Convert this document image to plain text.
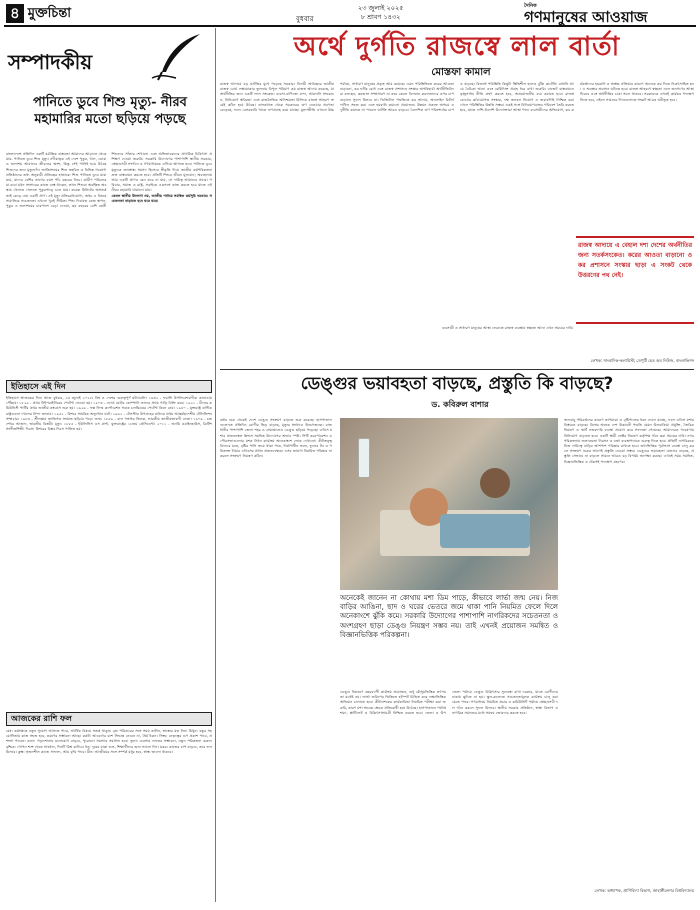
৪ মুক্তচিন্তা	বুধবার
২৩ জুলাই ২০২৫
৮ শ্রাবণ ১৪৩২
দৈনিক
গণমানুষের আওয়াজ
সম্পাদকীয়
পানিতে ডুবে শিশু মৃত্যু- নীরব মহামারির মতো ছড়িয়ে পড়ছে

বাংলাদেশে প্রতিদিন একটি মর্মান্তিক বাস্তবতা আমাদের আড়ালে থেকে যায়- পানিতে ডুবে শিশু মৃত্যু। নদীমাতৃক এই দেশে পুকুর, খাল, ডোবা ও জলাশয় আমাদের জীবনের অংশ, কিন্তু সেই পানিই হয়ে উঠছে শিশুদের জন্য মৃত্যুফাঁদ। জাতিসংঘের শিশু তহবিল ও বিভিন্ন গবেষণা প্রতিষ্ঠানের তথ্য অনুযায়ী প্রতিবছর হাজারো শিশু পানিতে ডুবে মারা যায়, যাদের বেশির ভাগের বয়স পাঁচ বছরের নিচে। গ্রামীণ পরিবারে মা-বাবা যখন সংসারের কাজে ব্যস্ত থাকেন, তখন শিশুরা অরক্ষিত অবস্থায় খেলতে খেলতে পুকুরপাড়ে চলে যায়। কয়েক মিনিটের অসতর্কতাই কেড়ে নেয় একটি প্রাণ। এই মৃত্যু প্রতিরোধযোগ্য, অথচ এ বিষয়ে সামাজিক সচেতনতা এখনো খুবই সীমিত। শিশু দিবাযত্ন কেন্দ্র স্থাপন, পুকুর ও জলাশয়ের চারপাশে বেড়া দেওয়া, ছয় বছরের বেশি বয়সী শিশুদের সাঁতার শেখানো এবং অভিভাবকদের প্রাথমিক চিকিৎসা প্রশিক্ষণ দেওয়া জরুরি। সরকারি উদ্যোগের পাশাপাশি স্থানীয় সরকার, স্বেচ্ছাসেবী সংগঠন ও গণমাধ্যমকে এগিয়ে আসতে হবে। পানিতে ডুবে মৃত্যুকে জনস্বাস্থ্য সমস্যা হিসেবে স্বীকৃতি দিয়ে জাতীয় কর্মপরিকল্পনা দ্রুত বাস্তবায়ন করতে হবে। প্রতিটি শিশুর জীবন মূল্যবান; অবহেলায় আর একটি প্রাণও যেন ঝরে না যায়, সে দায়িত্ব আমাদের সবার। পরিবার, সমাজ ও রাষ্ট্র- সবাইকে একসঙ্গে কাজ করতে হবে যাতে এই নীরব মহামারি থামানো যায়।

কেবল স্থানীয় উদ্যোগ নয়, জাতীয় পর্যায়ে সমন্বিত কর্মসূচি দরকার। সচেতনতা বাড়াতে হবে ঘরে ঘরে।

ইতিহাসে এই দিন
ইতিহাসে আজকের দিন। আজ বুধবার, ২৩ জুলাই ২০২৫। বিশ্ব ও দেশের গুরুত্বপূর্ণ ঘটনাবলি। ১৬৩২ - ফরাসি উপনিবেশবাদীরা কানাডায় পৌঁছায়। ১৮২৯ - প্রথম টাইপরাইটারের পেটেন্ট নেওয়া হয়। ১৯০৩ - ফোর্ড মোটর কোম্পানি তাদের প্রথম গাড়ি বিক্রি করে। ১৯২১ - চীনের কমিউনিস্ট পার্টির প্রথম জাতীয় কংগ্রেস শুরু হয়। ১৯২৬ - ফক্স ফিল্ম কর্পোরেশন সবাক চলচ্চিত্রের পেটেন্ট কিনে নেয়। ১৯৪০ - যুক্তরাষ্ট্র বাল্টিক রাষ্ট্রগুলো দখলের নিন্দা জানায়। ১৯৫২ - মিশরে সামরিক অভ্যুত্থান ঘটে। ১৯৬২ - টেলস্টার উপগ্রহের মাধ্যমে প্রথম আন্তর্মহাদেশীয় টেলিভিশন সম্প্রচার। ১৯৮৩ - শ্রীলঙ্কায় জাতিগত সংঘাত ছড়িয়ে পড়ে। জন্ম: ১৮৫৬ - বাল গঙ্গাধর তিলক, ভারতীয় জাতীয়তাবাদী নেতা। ১৯০৬ - চন্দ্রশেখর আজাদ, ভারতীয় বিপ্লবী। মৃত্যু: ১৮৮৫ - ইউলিসিস এস গ্রান্ট, যুক্তরাষ্ট্রের ১৮তম প্রেসিডেন্ট। ২০১১ - অ্যামি ওয়াইনহাউস, ব্রিটিশ সংগীতশিল্পী। দিবস: মিশরের বিপ্লব দিবস পালিত হয়।
আজকের রাশি ফল
মেষ: কর্মক্ষেত্রে নতুন সুযোগ আসতে পারে, আর্থিক বিষয়ে সতর্ক থাকুন। বৃষ: পরিবারের সঙ্গে সময় কাটান, স্বাস্থ্যের যত্ন নিন। মিথুন: বন্ধুর সহযোগিতায় কাজ সহজ হবে, ভ্রমণের সম্ভাবনা আছে। কর্কট: আবেগের বশে সিদ্ধান্ত নেবেন না, ধৈর্য ধরুন। সিংহ: নেতৃত্বের গুণ প্রকাশ পাবে, প্রশংসা পাবেন। কন্যা: পড়াশোনায় মনোযোগ বাড়বে, পুরোনো সমস্যার সমাধান হবে। তুলা: ব্যবসায় লাভের সম্ভাবনা, নতুন পরিকল্পনা করুন। বৃশ্চিক: গোপন শত্রু থেকে সাবধান, দিনটি মিশ্র কাটবে। ধনু: দূরের যাত্রা শুভ, শিক্ষার্থীদের জন্য ভালো দিন। মকর: কাজের চাপ বাড়বে, তবে ফল মিলবে। কুম্ভ: সৃজনশীল কাজে সাফল্য, আয় বৃদ্ধি পাবে। মীন: আত্মীয়ের সঙ্গে সম্পর্ক মধুর হবে, স্বাস্থ্য ভালো থাকবে।
অর্থে দুর্গতি রাজস্বে লাল বার্তা
মোস্তফা কামাল
রাজস্ব আদায়ে বড় ঘাটতির মুখে পড়েছে সরকার। বিদায়ী অর্থবছরে জাতীয় রাজস্ব বোর্ড লক্ষ্যমাত্রার তুলনায় বিপুল পরিমাণ কম রাজস্ব আদায় করেছে, যা অর্থনীতির জন্য একটি লাল সংকেত। ব্যবসা-বাণিজ্যে মন্দা, আমদানি সংকোচন, বিনিয়োগ স্থবিরতা এবং রাজনৈতিক অনিশ্চয়তা মিলিয়ে রাজস্ব আহরণ ক্রমেই কঠিন হয়ে উঠছে। ব্যাংকখাত থেকে সরকারের ঋণ নেওয়ার প্রবণতা বেড়েছে, ফলে বেসরকারি খাতে ঋণপ্রবাহ কমে যাচ্ছে। মূল্যস্ফীতি এখনো উচ্চপর্যায়ে, সাধারণ মানুষের প্রকৃত আয় কমেছে। এমন পরিস্থিতিতে করের আওতা বাড়ানো, কর ফাঁকি রোধ এবং রাজস্ব প্রশাসনে সংস্কার অপরিহার্য। অর্থনীতিবিদরা বলছেন, করজাল সম্প্রসারণ না করে কেবল বিদ্যমান করদাতাদের ওপর চাপ বাড়ালে সুফল মিলবে না। ডিজিটাল পদ্ধতিতে কর আদায়, অনলাইন রিটার্ন দাখিল সহজ করা এবং হয়রানি কমানো প্রয়োজন। উন্নয়ন প্রকল্পে অপচয় ও দুর্নীতি কমাতে না পারলে ঘাটতি আরও বাড়বে। বৈদেশিক ঋণ পরিশোধের চাপও বাড়ছে। রিজার্ভ পরিস্থিতি কিছুটা স্থিতিশীল হলেও ঝুঁকি কাটেনি। রপ্তানি আয়ে বৈচিত্র্য আনা এবং রেমিট্যান্স প্রবাহ ধরে রাখা জরুরি। বাজেট বাস্তবায়নে কৃচ্ছ্রসাধন নীতি গ্রহণ করতে হবে, অপ্রয়োজনীয় ব্যয় কমাতে হবে। রাজস্ব বোর্ডের কাঠামোগত সংস্কার, দক্ষ জনবল নিয়োগ ও জবাবদিহি নিশ্চিত করা গেলে পরিস্থিতির উন্নতি সম্ভব। একই সঙ্গে বিনিয়োগবান্ধব পরিবেশ তৈরি করতে হবে, যাতে দেশি-বিদেশি উদ্যোক্তারা আস্থা পান। ব্যবসায়ীদের অভিযোগ, কর কর্মকর্তাদের হয়রানি ও অস্বচ্ছ প্রক্রিয়ার কারণে অনেকে কর দিতে নিরুৎসাহিত হন। এ অবস্থার অবসান ঘটাতে হবে। রাজস্ব আহরণে স্বচ্ছতা এলে জনগণের আস্থা ফিরবে এবং অর্থনীতির চাকা সচল থাকবে। সরকারকে এখনই কার্যকর পদক্ষেপ নিতে হবে, নইলে সামনের দিনগুলোতে সংকট আরও ঘনীভূত হবে।
রাজস্ব আদায়ে এ বেহাল দশা দেশের অর্থনীতির জন্য সতর্কসংকেত। করের আওতা বাড়ানো ও কর প্রশাসনে সংস্কার ছাড়া এ সংকট থেকে উত্তরণের পথ নেই।
ব্যবসায়ী ও সাধারণ মানুষের আস্থা ফেরাতে রাজস্ব ব্যবস্থায় স্বচ্ছতা আনা এখন সময়ের দাবি।
লেখক: সাংবাদিক-কলামিস্ট; ডেপুটি হেড অব নিউজ, বাংলাভিশন
ডেঙ্গুর ভয়াবহতা বাড়ছে, প্রস্তুতি কি বাড়ছে?
ড. কবিরুল বাশার
বর্ষার শুরু থেকেই দেশে ডেঙ্গু সংক্রমণ বাড়তে শুরু করেছে। হাসপাতালগুলোতে প্রতিদিন রোগীর ভিড় বাড়ছে, মৃত্যুর সংখ্যাও উদ্বেগজনক। রাজধানীর পাশাপাশি জেলা শহর ও গ্রামাঞ্চলেও ডেঙ্গু ছড়িয়ে পড়েছে। এডিস মশার প্রজননস্থল ধ্বংসে সমন্বিত উদ্যোগের অভাব স্পষ্ট। সিটি করপোরেশন ও পৌরসভাগুলোর মশক নিধন কার্যক্রম অনেকাংশে লোক দেখানো। কীটতত্ত্ববিদদের মতে, বৃষ্টির পানি জমে থাকা পাত্র, নির্মাণাধীন ভবন, ফুলের টব ও পরিত্যক্ত টায়ার এডিসের প্রধান প্রজননক্ষেত্র। এসব জায়গা নিয়মিত পরিষ্কার না করলে সংক্রমণ নিয়ন্ত্রণ কঠিন।
অনেকেই জানেন না কোথায় মশা ডিম পাড়ে, কীভাবে লার্ভা জন্ম নেয়। নিজ বাড়ির আঙিনা, ছাদ ও ঘরের ভেতরে জমে থাকা পানি নিয়মিত ফেলে দিলে অনেকাংশে ঝুঁকি কমে। সরকারি উদ্যোগের পাশাপাশি নাগরিকদের সচেতনতা ও অংশগ্রহণ ছাড়া ডেঙ্গু নিয়ন্ত্রণ সম্ভব নয়। তাই এখনই প্রয়োজন সমন্বিত ও বিজ্ঞানভিত্তিক পরিকল্পনা।
ডেঙ্গু নিয়ন্ত্রণে বছরব্যাপী কার্যক্রম প্রয়োজন, শুধু মৌসুমভিত্তিক তৎপরতা যথেষ্ট নয়। লার্ভা জরিপের ভিত্তিতে হটস্পট চিহ্নিত করে লক্ষ্যভিত্তিক অভিযান চালাতে হবে। কীটনাশকের কার্যকারিতা নিয়মিত পরীক্ষা করা জরুরি, কারণ মশা অনেক ক্ষেত্রে প্রতিরোধী হয়ে উঠেছে। হাসপাতালে পর্যাপ্ত শয্যা, প্লাটিলেট ও চিকিৎসাসামগ্রী নিশ্চিত করতে হবে। জেলা ও উপজেলা পর্যায়ে ডেঙ্গু চিকিৎসার সুব্যবস্থা রাখা দরকার, যাতে রোগীদের ঢাকায় ছুটতে না হয়। স্কুল-কলেজে সচেতনতামূলক কার্যক্রম চালু করা যেতে পারে। গণমাধ্যমে নিয়মিত প্রচার ও কমিউনিটি পর্যায়ে স্বেচ্ছাসেবী দল গঠন করলে সুফল মিলবে। স্থানীয় সরকার প্রতিষ্ঠান, স্বাস্থ্য বিভাগ ও নাগরিক সমাজের মধ্যে সমন্বয় জোরদার করতে হবে।
জলবায়ু পরিবর্তনের কারণে তাপমাত্রা ও বৃষ্টিপাতের ধরন বদলে যাচ্ছে, ফলে এডিস মশার বিস্তারও বাড়ছে। বিশ্বের অনেক দেশ উদ্ভাবনী পদ্ধতি যেমন উলবাকিয়া প্রযুক্তি, জৈবিক নিয়ন্ত্রণ ও স্মার্ট নজরদারি ব্যবস্থা প্রয়োগ করে সফলতা পেয়েছে। আমাদেরও গবেষণায় বিনিয়োগ বাড়াতে হবে। একটি স্থায়ী ভেক্টর নিয়ন্ত্রণ কর্তৃপক্ষ গঠন করা সময়ের দাবি। নগর পরিকল্পনায় জলাবদ্ধতা নিরসন ও বর্জ্য ব্যবস্থাপনাকে গুরুত্ব দিতে হবে। প্রতিটি নাগরিককে নিজ দায়িত্বে বাড়ির আশপাশ পরিষ্কার রাখতে হবে। তথ্যভিত্তিক পূর্বাভাস ব্যবস্থা চালু করলে সংক্রমণ শুরুর আগেই প্রস্তুতি নেওয়া সম্ভব। ডেঙ্গুর ভয়াবহতা যেভাবে বাড়ছে, প্রস্তুতি সেভাবে না বাড়লে সামনে আরও বড় বিপর্যয় অপেক্ষা করছে। এখনই সময় সমন্বিত, বিজ্ঞানভিত্তিক ও টেকসই পদক্ষেপ গ্রহণের।
লেখক: অধ্যাপক, প্রাণিবিদ্যা বিভাগ, জাহাঙ্গীরনগর বিশ্ববিদ্যালয়
